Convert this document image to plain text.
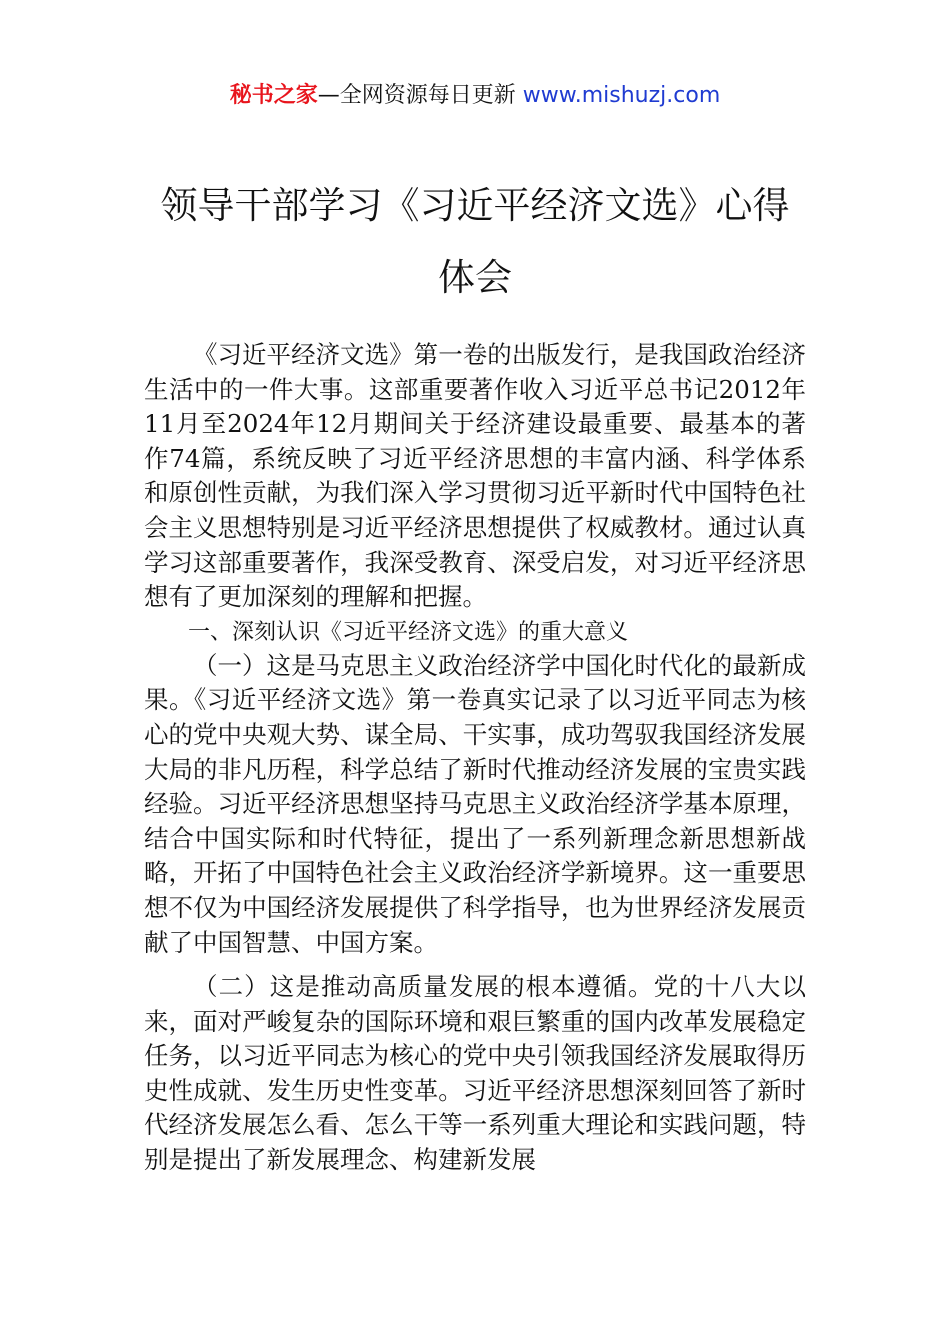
秘书之家—全网资源每日更新 www.mishuzj.com
领导干部学习《习近平经济文选》心得体会

《习近平经济文选》第一卷的出版发行，是我国政治经济生活中的一件大事。这部重要著作收入习近平总书记2012年11月至2024年12月期间关于经济建设最重要、最基本的著作74篇，系统反映了习近平经济思想的丰富内涵、科学体系和原创性贡献，为我们深入学习贯彻习近平新时代中国特色社会主义思想特别是习近平经济思想提供了权威教材。通过认真学习这部重要著作，我深受教育、深受启发，对习近平经济思想有了更加深刻的理解和把握。

一、深刻认识《习近平经济文选》的重大意义

（一）这是马克思主义政治经济学中国化时代化的最新成果。《习近平经济文选》第一卷真实记录了以习近平同志为核心的党中央观大势、谋全局、干实事，成功驾驭我国经济发展大局的非凡历程，科学总结了新时代推动经济发展的宝贵实践经验。习近平经济思想坚持马克思主义政治经济学基本原理，结合中国实际和时代特征，提出了一系列新理念新思想新战略，开拓了中国特色社会主义政治经济学新境界。这一重要思想不仅为中国经济发展提供了科学指导，也为世界经济发展贡献了中国智慧、中国方案。

（二）这是推动高质量发展的根本遵循。党的十八大以来，面对严峻复杂的国际环境和艰巨繁重的国内改革发展稳定任务，以习近平同志为核心的党中央引领我国经济发展取得历史性成就、发生历史性变革。习近平经济思想深刻回答了新时代经济发展怎么看、怎么干等一系列重大理论和实践问题，特别是提出了新发展理念、构建新发展
